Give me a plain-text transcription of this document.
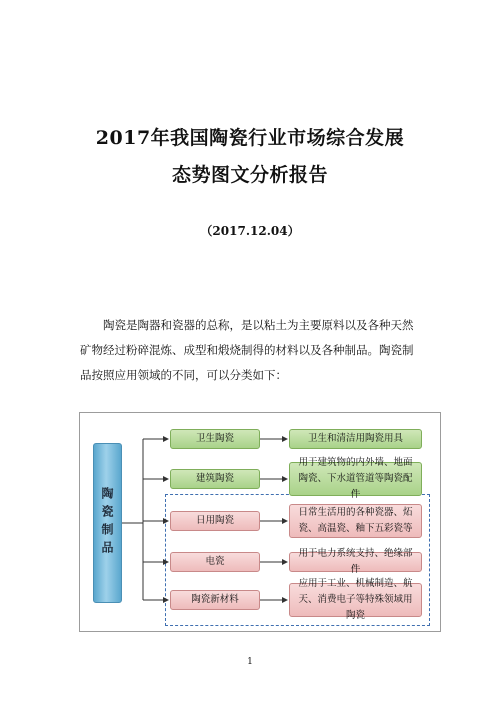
2017年我国陶瓷行业市场综合发展
态势图文分析报告
（2017.12.04）

陶瓷是陶器和瓷器的总称，是以粘土为主要原料以及各种天然

矿物经过粉碎混炼、成型和煅烧制得的材料以及各种制品。陶瓷制

品按照应用领域的不同，可以分类如下：

陶瓷制品
卫生陶瓷
建筑陶瓷
日用陶瓷
电瓷
陶瓷新材料
卫生和清洁用陶瓷用具
用于建筑物的内外墙、地面陶瓷、下水道管道等陶瓷配件
日常生活用的各种瓷器、炻瓷、高温瓷、釉下五彩瓷等
用于电力系统支持、绝缘部件
应用于工业、机械制造、航天、消费电子等特殊领域用陶瓷
1
